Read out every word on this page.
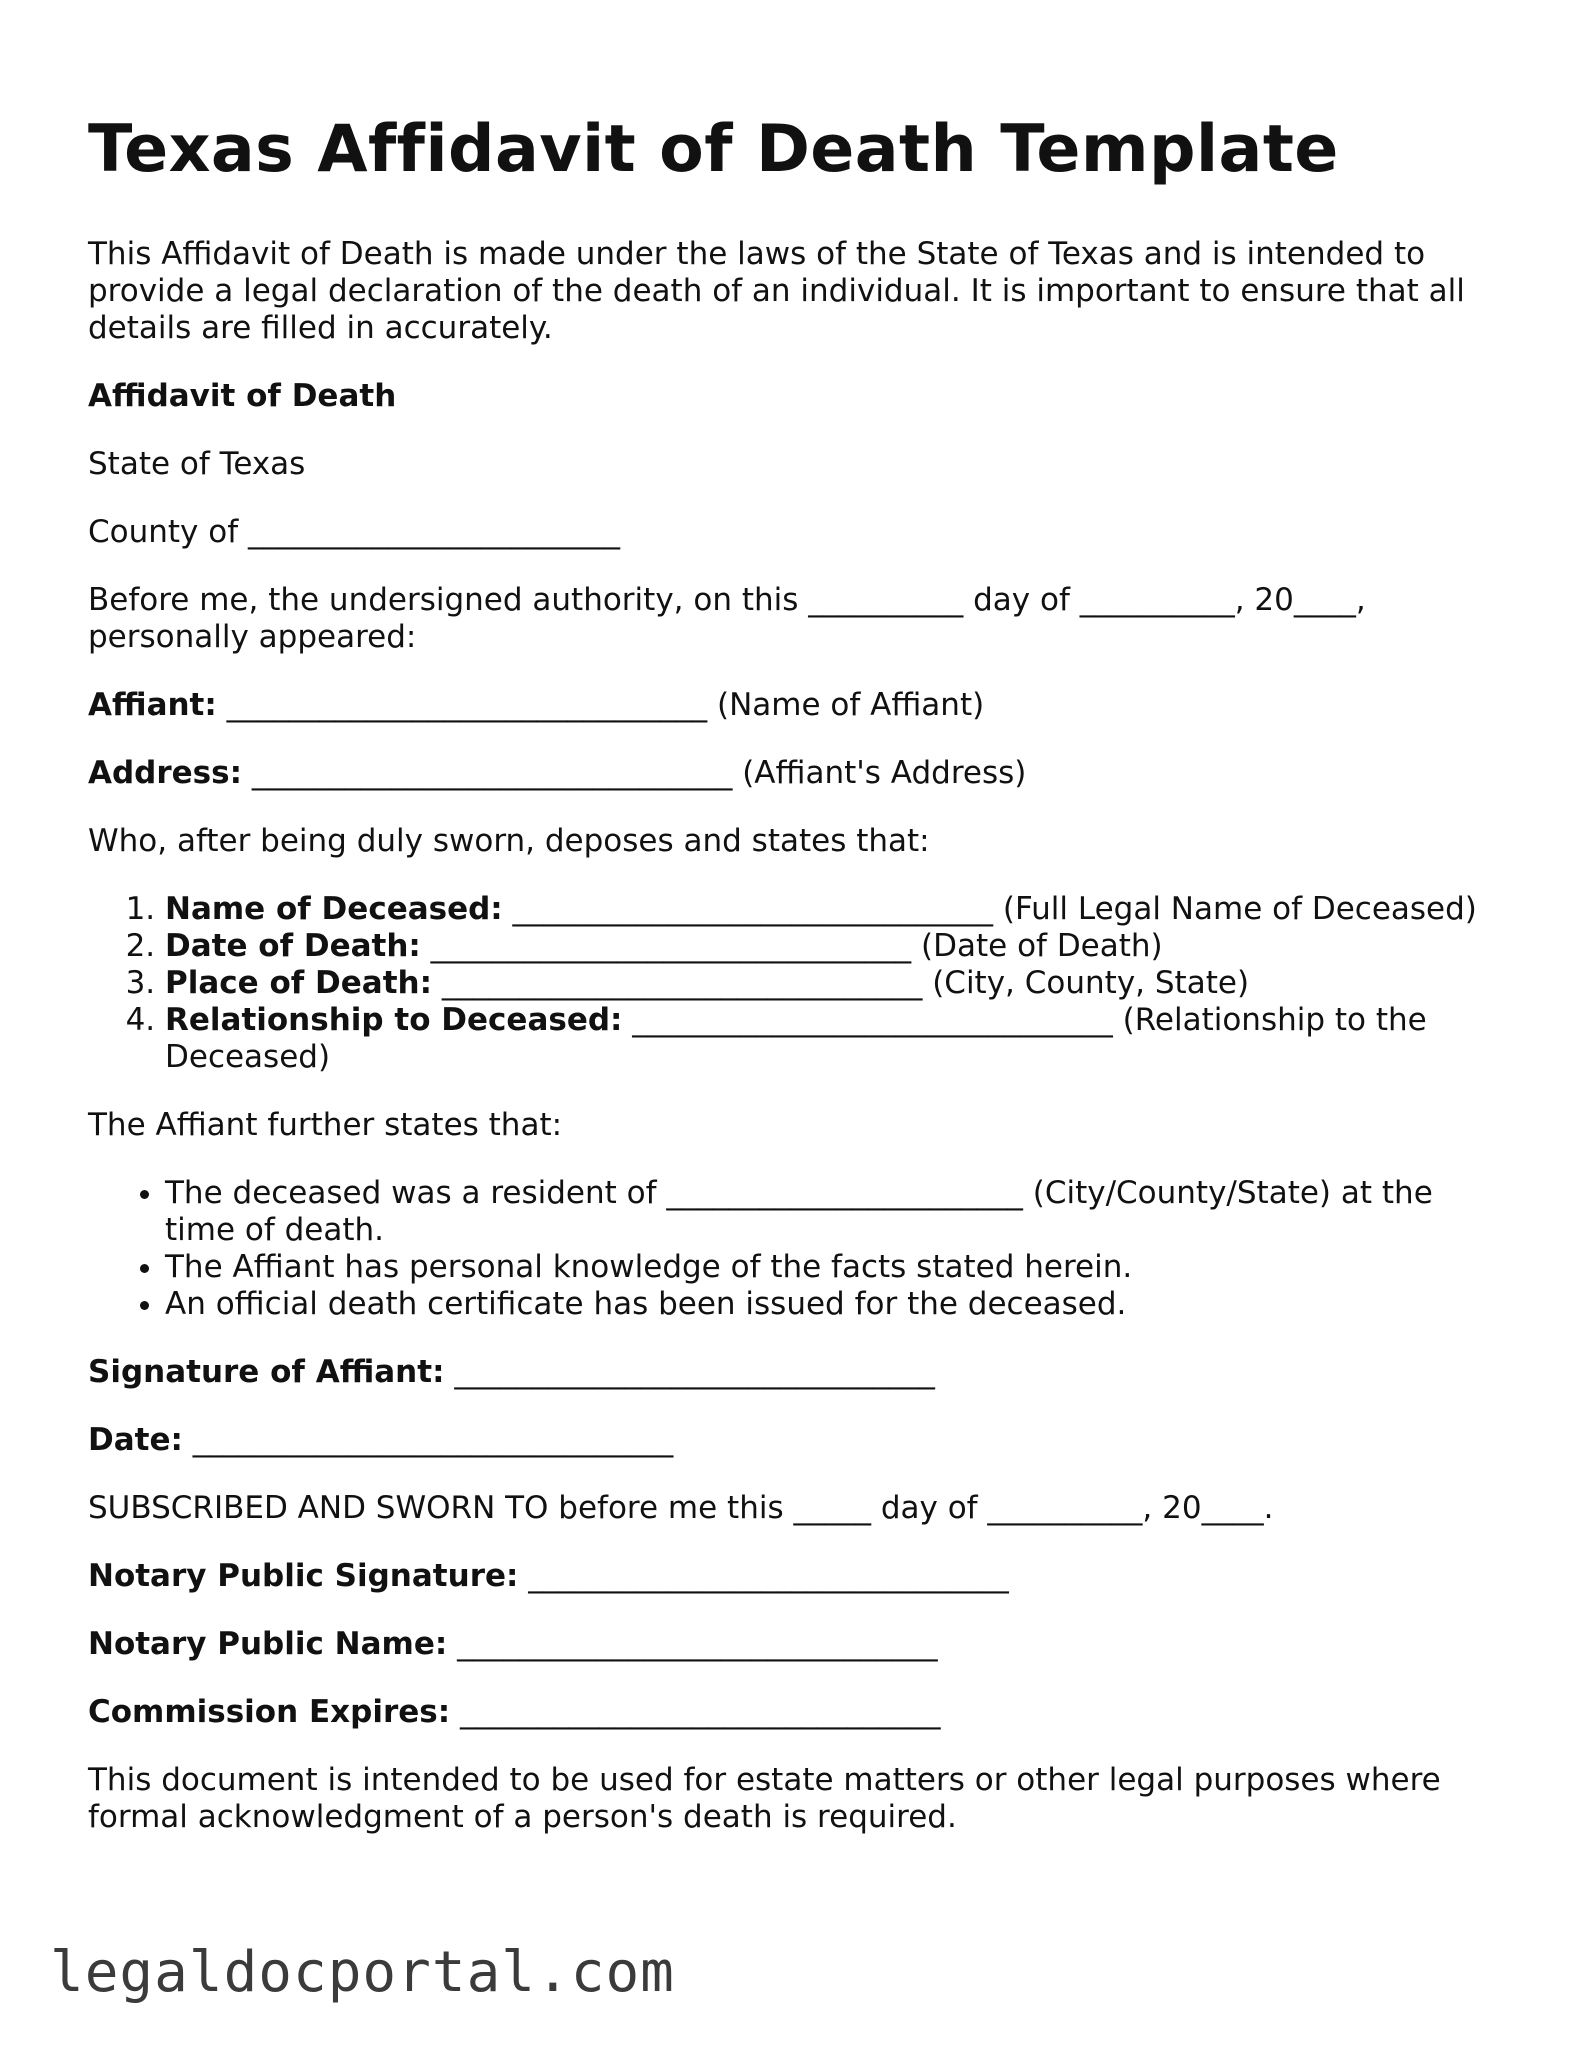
Texas Affidavit of Death Template

This Affidavit of Death is made under the laws of the State of Texas and is intended to provide a legal declaration of the death of an individual. It is important to ensure that all details are filled in accurately.

Affidavit of Death

State of Texas

County of ________________________

Before me, the undersigned authority, on this __________ day of __________, 20____, personally appeared:

Affiant: _______________________________ (Name of Affiant)

Address: _______________________________ (Affiant's Address)

Who, after being duly sworn, deposes and states that:

1. Name of Deceased: _______________________________ (Full Legal Name of Deceased)
2. Date of Death: _______________________________ (Date of Death)
3. Place of Death: _______________________________ (City, County, State)
4. Relationship to Deceased: _______________________________ (Relationship to the Deceased)

The Affiant further states that:

• The deceased was a resident of _______________________ (City/County/State) at the time of death.
• The Affiant has personal knowledge of the facts stated herein.
• An official death certificate has been issued for the deceased.

Signature of Affiant: _______________________________

Date: _______________________________

SUBSCRIBED AND SWORN TO before me this _____ day of __________, 20____.

Notary Public Signature: _______________________________

Notary Public Name: _______________________________

Commission Expires: _______________________________

This document is intended to be used for estate matters or other legal purposes where formal acknowledgment of a person's death is required.

legaldocportal.com
